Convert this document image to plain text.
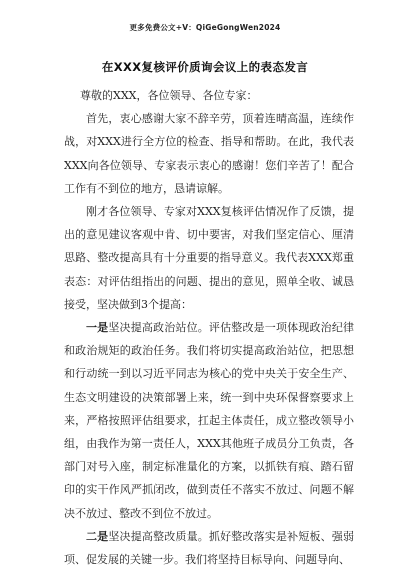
更多免费公文+V：QiGeGongWen2024
在XXX复核评价质询会议上的表态发言

尊敬的XXX，各位领导、各位专家：

首先，衷心感谢大家不辞辛劳，顶着连晴高温，连续作战，对XXX进行全方位的检查、指导和帮助。在此，我代表XXX向各位领导、专家表示衷心的感谢！您们辛苦了！配合工作有不到位的地方，恳请谅解。

刚才各位领导、专家对XXX复核评估情况作了反馈，提出的意见建议客观中肯、切中要害，对我们坚定信心、厘清思路、整改提高具有十分重要的指导意义。我代表XXX郑重表态：对评估组指出的问题、提出的意见，照单全收、诚恳接受，坚决做到3个提高：

一是坚决提高政治站位。评估整改是一项体现政治纪律和政治规矩的政治任务。我们将切实提高政治站位，把思想和行动统一到以习近平同志为核心的党中央关于安全生产、生态文明建设的决策部署上来，统一到中央环保督察要求上来，严格按照评估组要求，扛起主体责任，成立整改领导小组，由我作为第一责任人，XXX其他班子成员分工负责，各部门对号入座，制定标准量化的方案，以抓铁有痕、踏石留印的实干作风严抓闭改，做到责任不落实不放过、问题不解决不放过、整改不到位不放过。

二是坚决提高整改质量。抓好整改落实是补短板、强弱项、促发展的关键一步。我们将坚持目标导向、问题导向、
